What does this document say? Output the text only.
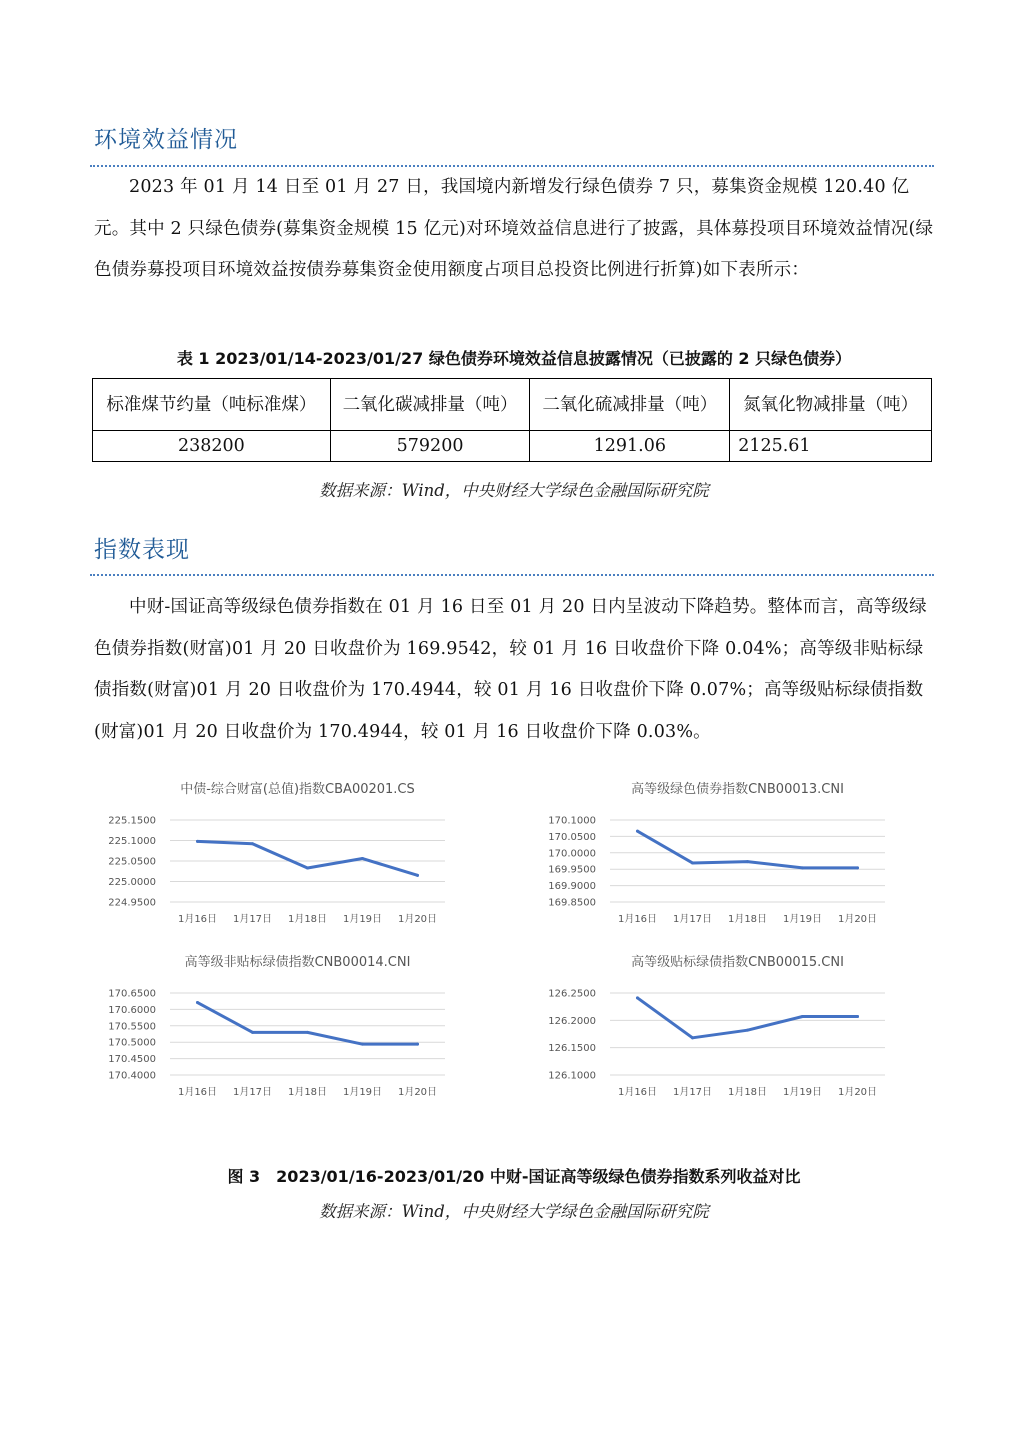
环境效益情况

2023 年 01 月 14 日至 01 月 27 日，我国境内新增发行绿色债券 7 只，募集资金规模 120.40 亿元。其中 2 只绿色债券(募集资金规模 15 亿元)对环境效益信息进行了披露，具体募投项目环境效益情况(绿色债券募投项目环境效益按债券募集资金使用额度占项目总投资比例进行折算)如下表所示：

表 1 2023/01/14-2023/01/27 绿色债券环境效益信息披露情况（已披露的 2 只绿色债券）
标准煤节约量（吨标准煤）	二氧化碳减排量（吨）	二氧化硫减排量（吨）	氮氧化物减排量（吨）
238200	579200	1291.06	2125.61
数据来源：Wind，中央财经大学绿色金融国际研究院
指数表现

中财-国证高等级绿色债券指数在 01 月 16 日至 01 月 20 日内呈波动下降趋势。整体而言，高等级绿色债券指数(财富)01 月 20 日收盘价为 169.9542，较 01 月 16 日收盘价下降 0.04%；高等级非贴标绿债指数(财富)01 月 20 日收盘价为 170.4944，较 01 月 16 日收盘价下降 0.07%；高等级贴标绿债指数(财富)01 月 20 日收盘价为 170.4944，较 01 月 16 日收盘价下降 0.03%。

中债-综合财富(总值)指数CBA00201.CS
225.1500
225.1000
225.0500
225.0000
224.9500
1月16日 1月17日 1月18日 1月19日 1月20日
高等级绿色债券指数CNB00013.CNI
170.1000
170.0500
170.0000
169.9500
169.9000
169.8500
1月16日 1月17日 1月18日 1月19日 1月20日
高等级非贴标绿债指数CNB00014.CNI
170.6500
170.6000
170.5500
170.5000
170.4500
170.4000
1月16日 1月17日 1月18日 1月19日 1月20日
高等级贴标绿债指数CNB00015.CNI
126.2500
126.2000
126.1500
126.1000
1月16日 1月17日 1月18日 1月19日 1月20日
图 3　2023/01/16-2023/01/20 中财-国证高等级绿色债券指数系列收益对比
数据来源：Wind，中央财经大学绿色金融国际研究院
